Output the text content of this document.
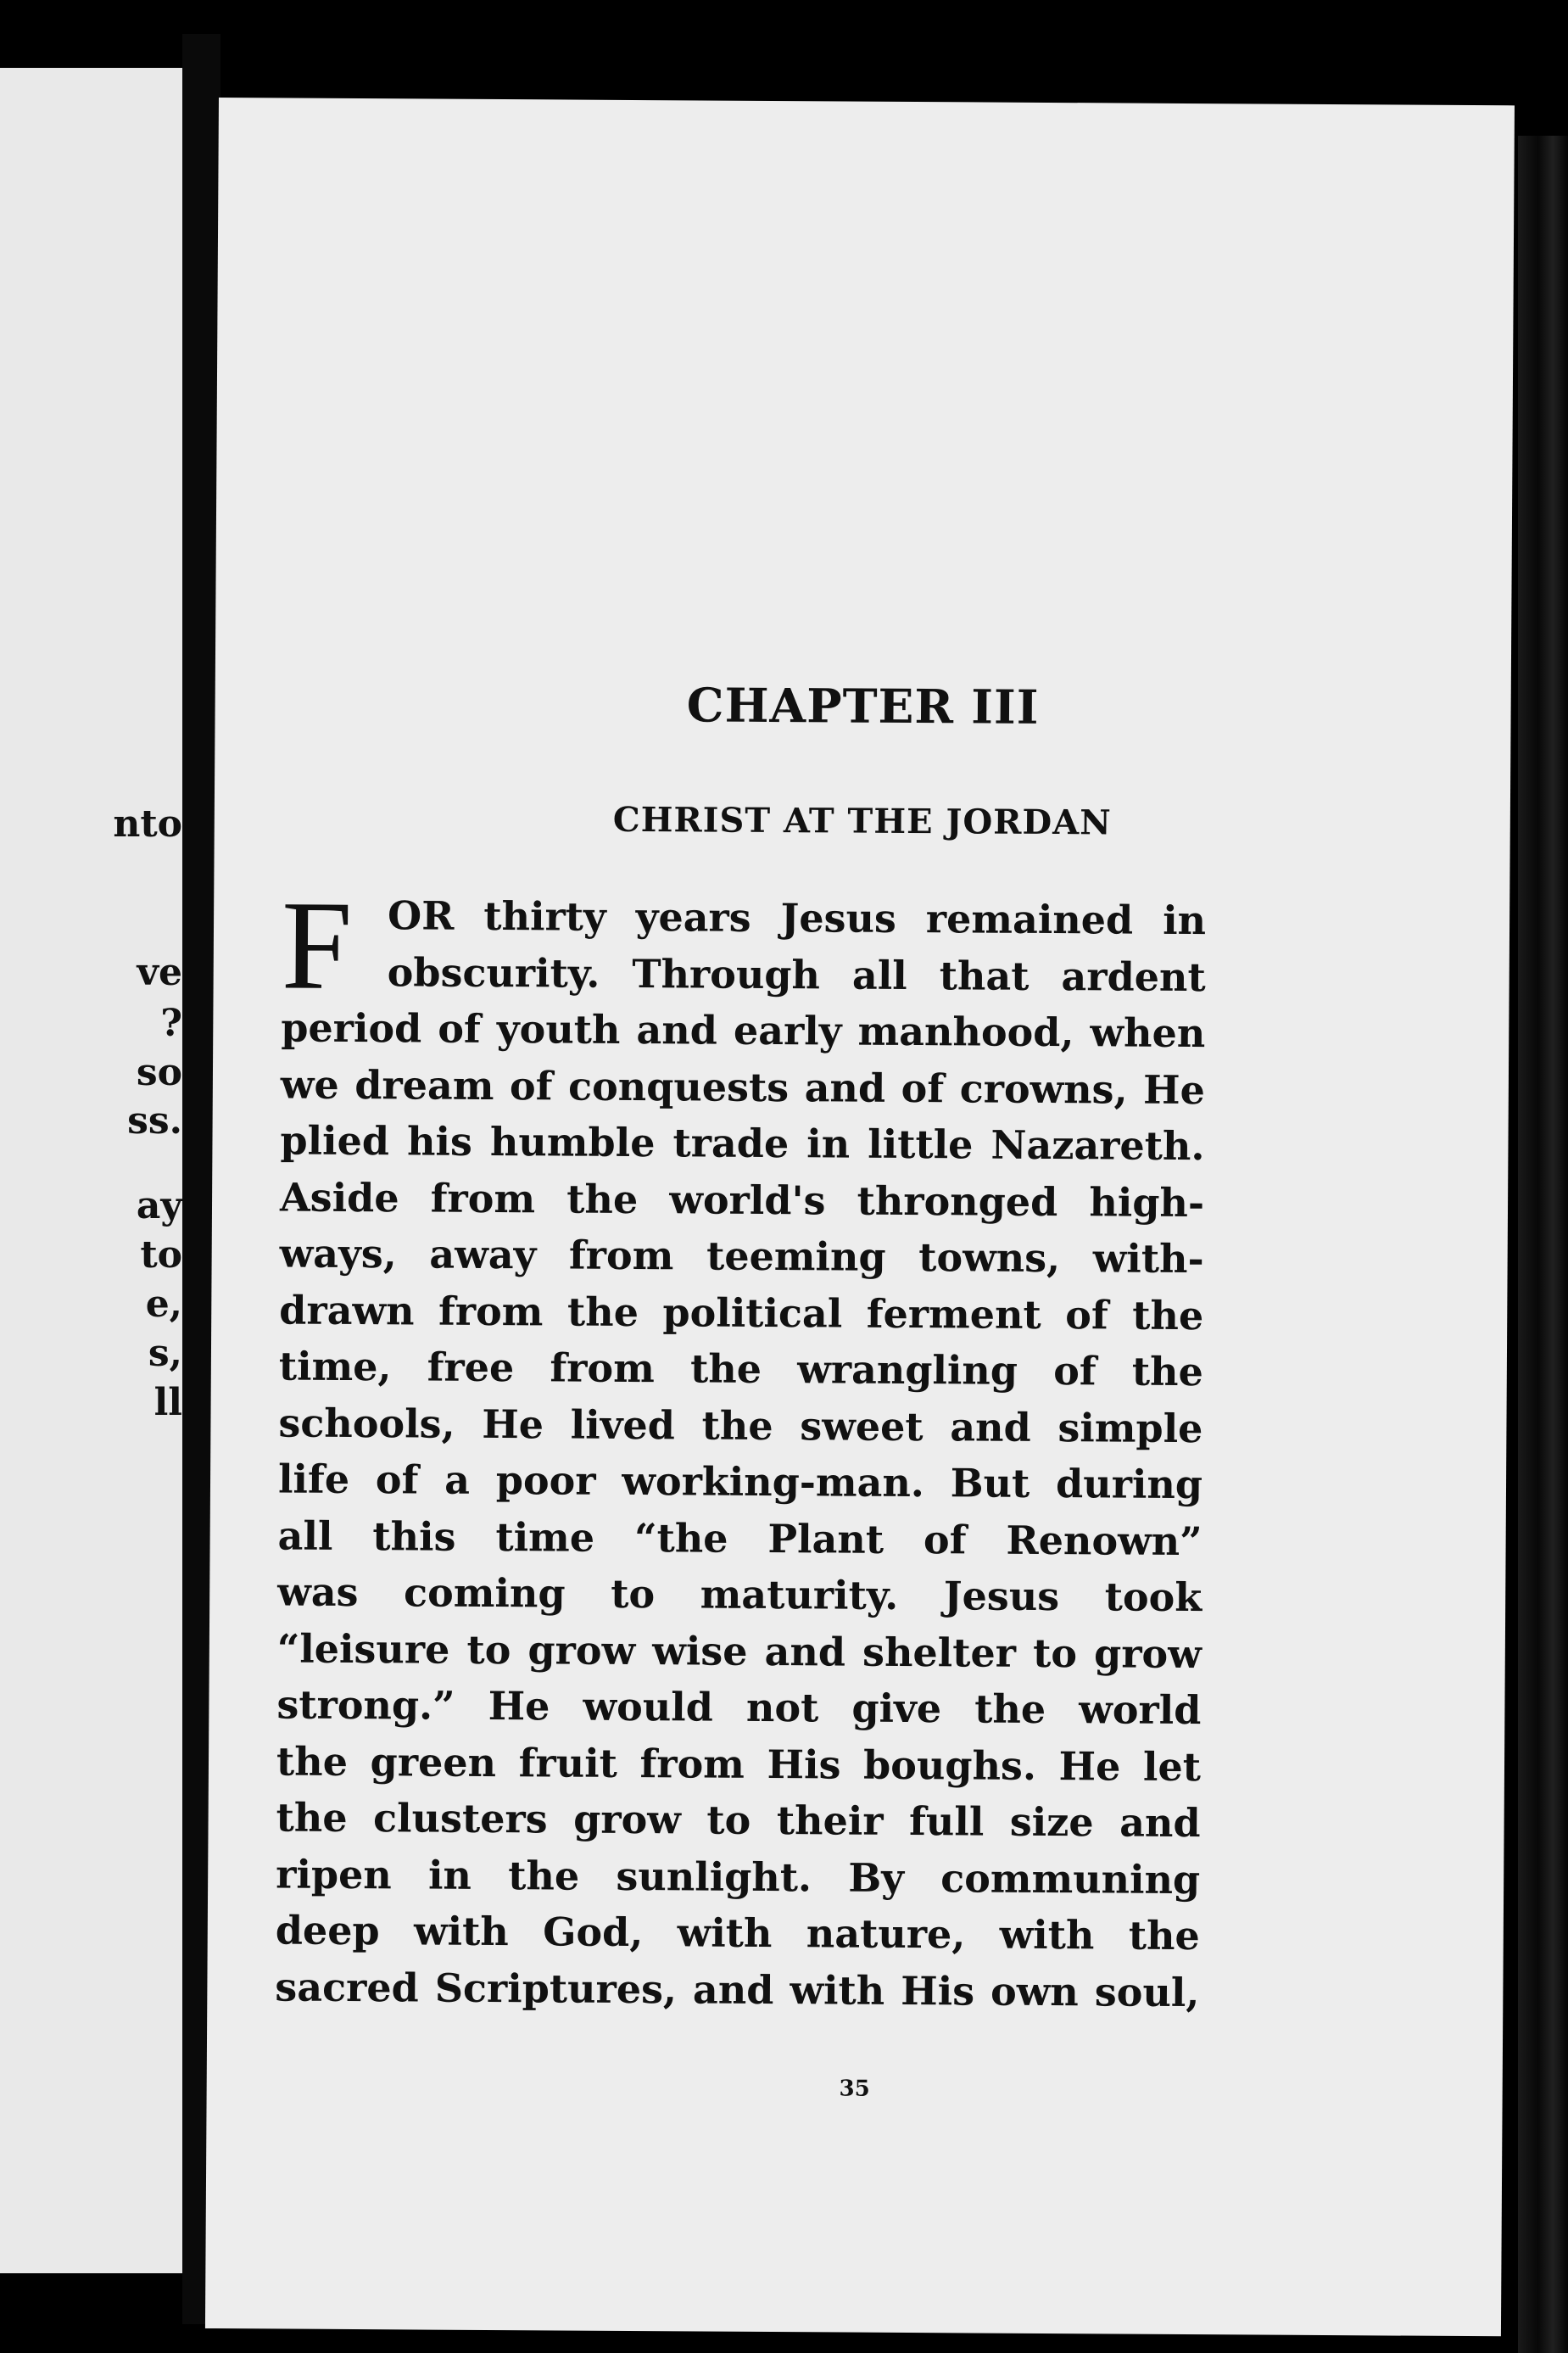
nto
ve
?
so
ss.
ay
to
e,
s,
ll
CHAPTER III
CHRIST AT THE JORDAN
F OR thirty years Jesus remained in
obscurity. Through all that ardent
period of youth and early manhood, when
we dream of conquests and of crowns, He
plied his humble trade in little Nazareth.
Aside from the world's thronged high-
ways, away from teeming towns, with-
drawn from the political ferment of the
time, free from the wrangling of the
schools, He lived the sweet and simple
life of a poor working-man. But during
all this time “the Plant of Renown”
was coming to maturity. Jesus took
“leisure to grow wise and shelter to grow
strong.” He would not give the world
the green fruit from His boughs. He let
the clusters grow to their full size and
ripen in the sunlight. By communing
deep with God, with nature, with the
sacred Scriptures, and with His own soul,
35
